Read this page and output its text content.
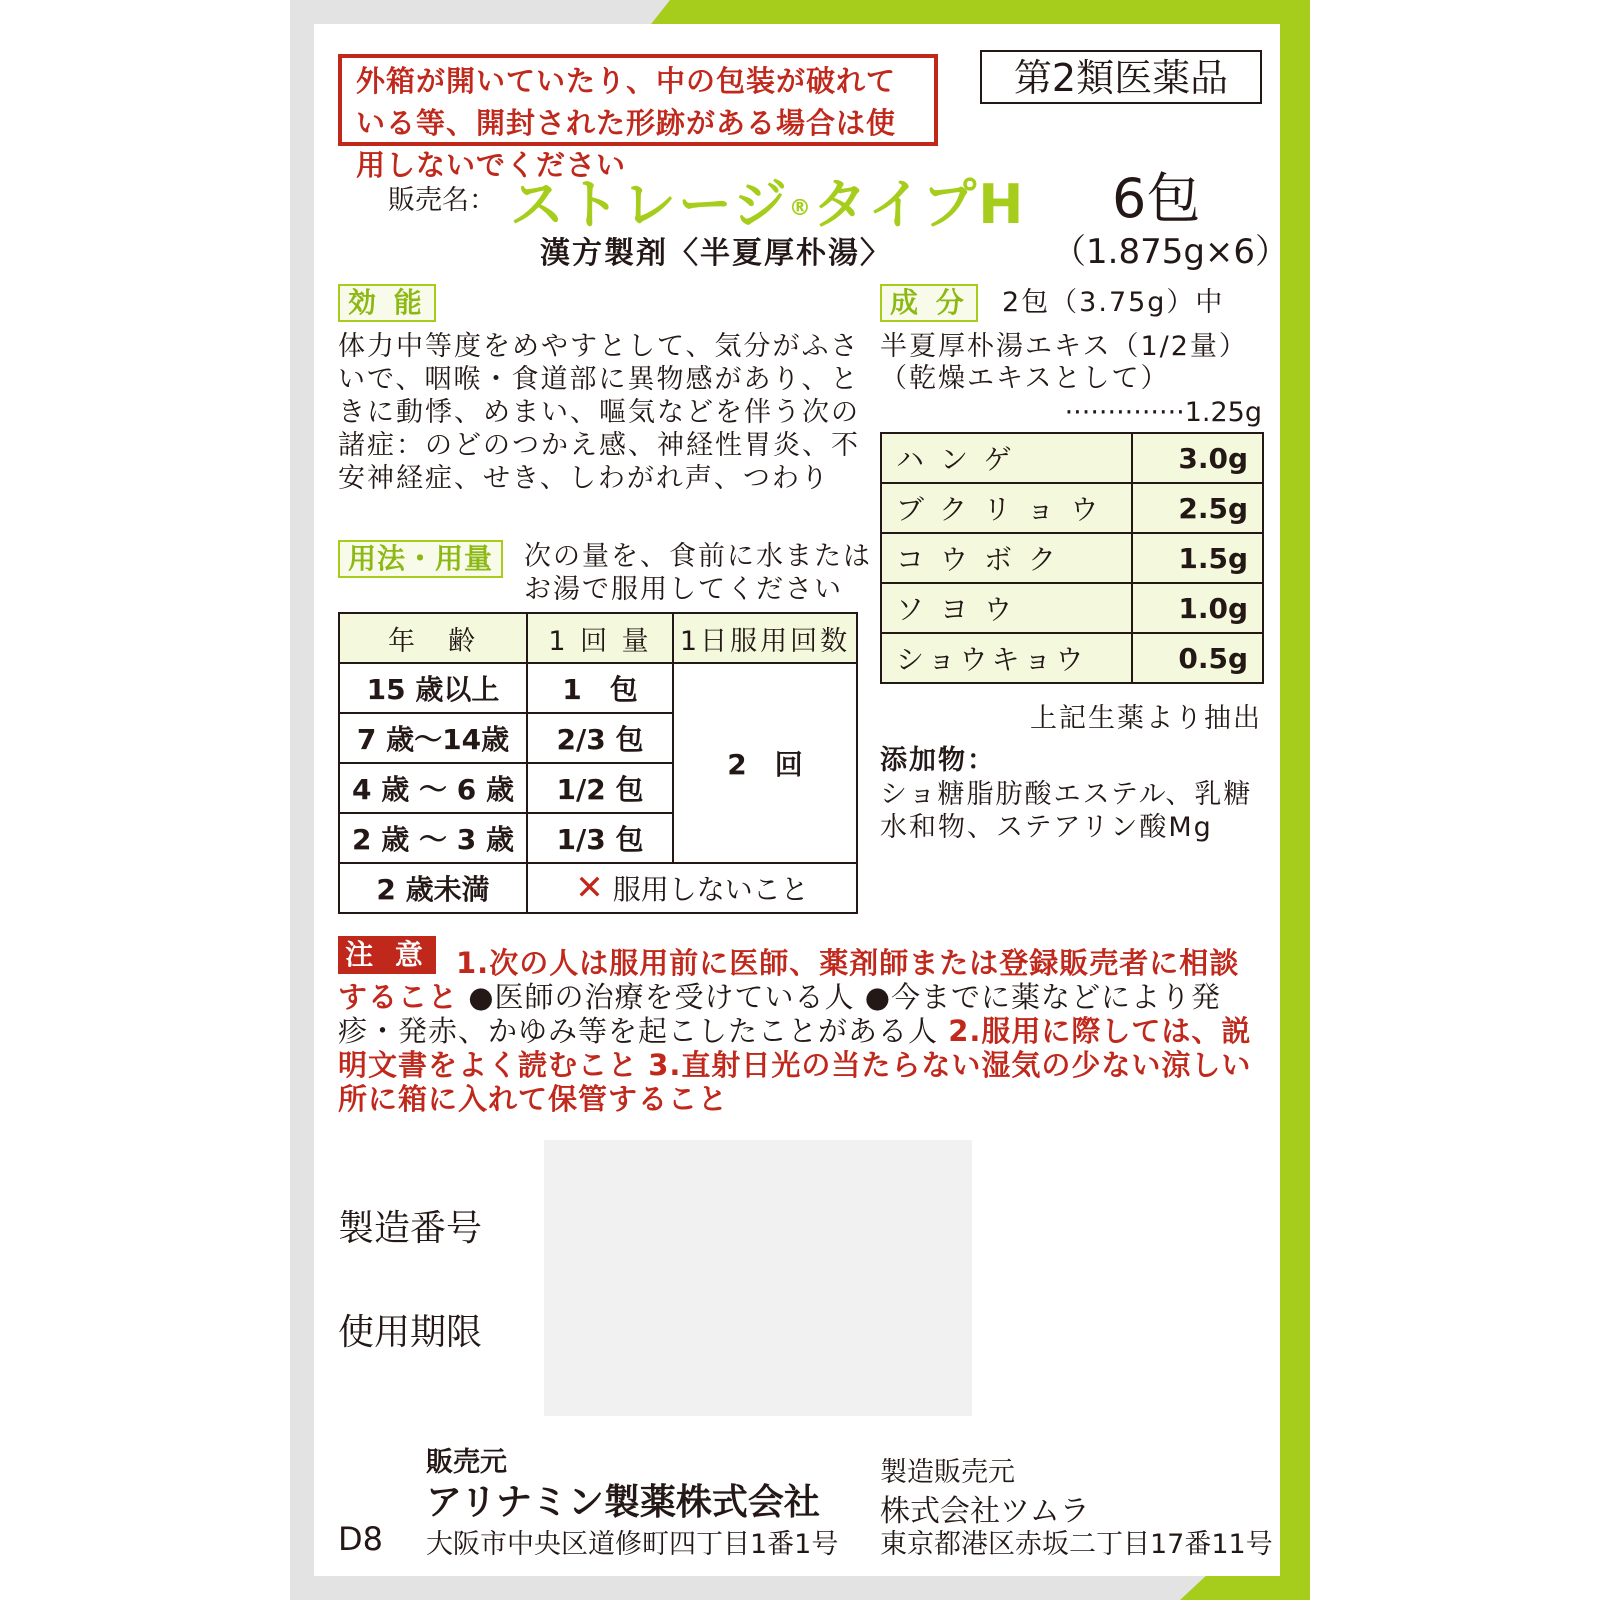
外箱が開いていたり、中の包装が破れている等、開封された形跡がある場合は使用しないでください
第2類医薬品
販売名： ストレージ®タイプH
漢方製剤〈半夏厚朴湯〉
6包
（1.875g×6）
効 能
体力中等度をめやすとして、気分がふさいで、咽喉・食道部に異物感があり、ときに動悸、めまい、嘔気などを伴う次の諸症：のどのつかえ感、神経性胃炎、不安神経症、せき、しわがれ声、つわり
用法・用量	次の量を、食前に水または
お湯で服用してください
年　齢	1 回 量	1日服用回数
15 歳以上	1　包	2　回
7 歳〜14歳	2/3 包	
4 歳 〜 6 歳	1/2 包	
2 歳 〜 3 歳	1/3 包	
2 歳未満	✕ 服用しないこと	
成 分	2包（3.75g）中
半夏厚朴湯エキス（1/2量）
（乾燥エキスとして）
··············1.25g
ハンゲ	3.0g
ブクリョウ	2.5g
コウボク	1.5g
ソヨウ	1.0g
ショウキョウ	0.5g
上記生薬より抽出
添加物：
ショ糖脂肪酸エステル、乳糖
水和物、ステアリン酸Mg
注 意 1.次の人は服用前に医師、薬剤師または登録販売者に相談すること ●医師の治療を受けている人 ●今までに薬などにより発疹・発赤、かゆみ等を起こしたことがある人 2.服用に際しては、説明文書をよく読むこと 3.直射日光の当たらない湿気の少ない涼しい所に箱に入れて保管すること
製造番号
使用期限
販売元
アリナミン製薬株式会社
大阪市中央区道修町四丁目1番1号
製造販売元
株式会社ツムラ
東京都港区赤坂二丁目17番11号
D8
